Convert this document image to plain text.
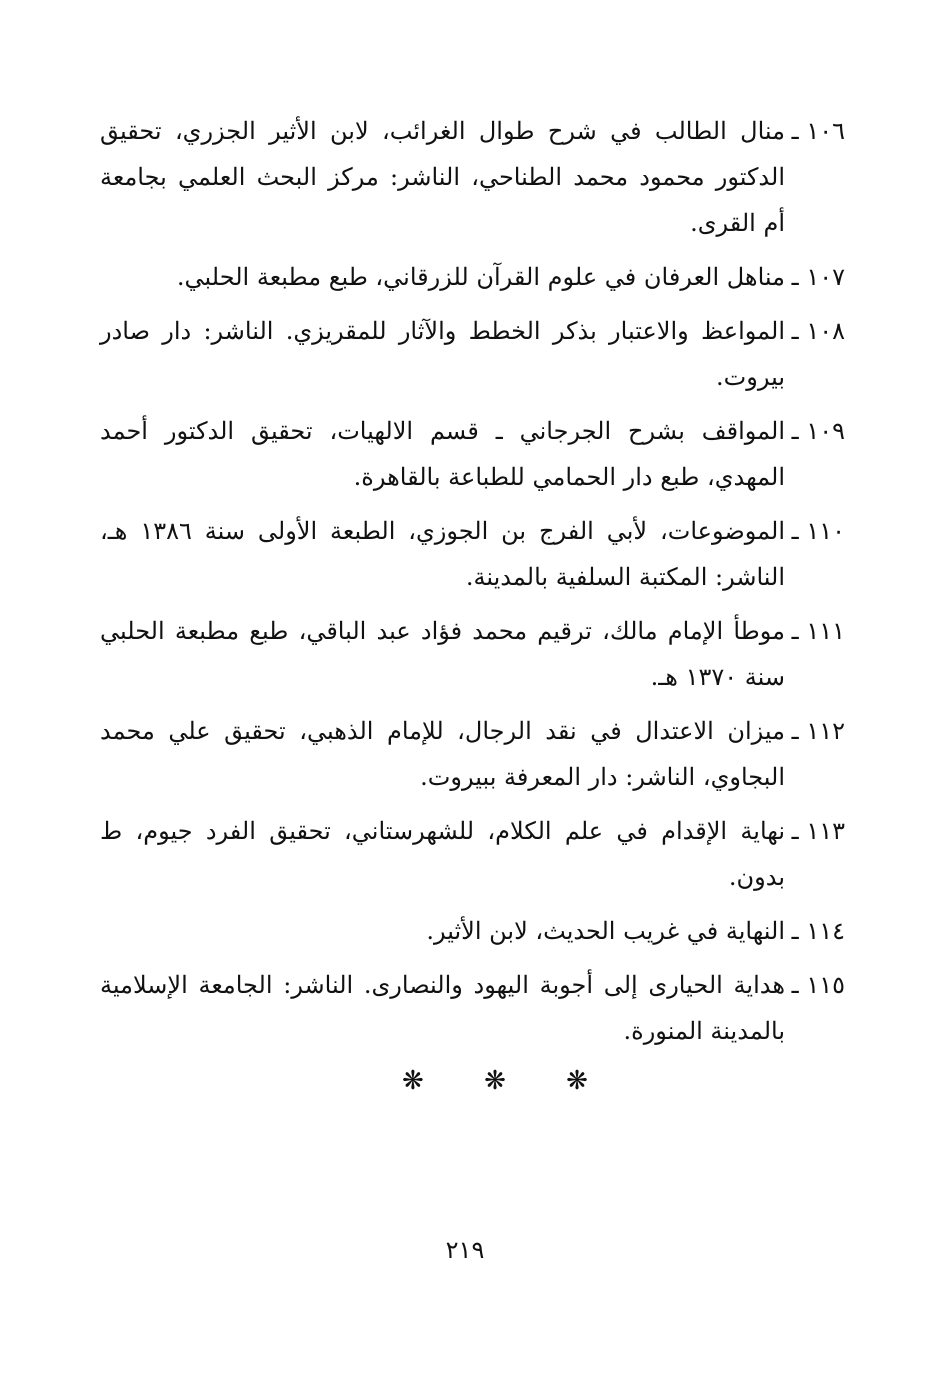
١٠٦ ـ
منال الطالب في شرح طوال الغرائب، لابن الأثير الجزري، تحقيق الدكتور محمود محمد الطناحي، الناشر: مركز البحث العلمي بجامعة أم القرى.
١٠٧ ـ
مناهل العرفان في علوم القرآن للزرقاني، طبع مطبعة الحلبي.
١٠٨ ـ
المواعظ والاعتبار بذكر الخطط والآثار للمقريزي. الناشر: دار صادر بيروت.
١٠٩ ـ
المواقف بشرح الجرجاني ـ قسم الالهيات، تحقيق الدكتور أحمد المهدي، طبع دار الحمامي للطباعة بالقاهرة.
١١٠ ـ
الموضوعات، لأبي الفرج بن الجوزي، الطبعة الأولى سنة ١٣٨٦ هـ، الناشر: المكتبة السلفية بالمدينة.
١١١ ـ
موطأ الإمام مالك، ترقيم محمد فؤاد عبد الباقي، طبع مطبعة الحلبي سنة ١٣٧٠ هـ.
١١٢ ـ
ميزان الاعتدال في نقد الرجال، للإمام الذهبي، تحقيق علي محمد البجاوي، الناشر: دار المعرفة ببيروت.
١١٣ ـ
نهاية الإقدام في علم الكلام، للشهرستاني، تحقيق الفرد جيوم، ط بدون.
١١٤ ـ
النهاية في غريب الحديث، لابن الأثير.
١١٥ ـ
هداية الحيارى إلى أجوبة اليهود والنصارى. الناشر: الجامعة الإسلامية بالمدينة المنورة.
❋ ❋ ❋
٢١٩
